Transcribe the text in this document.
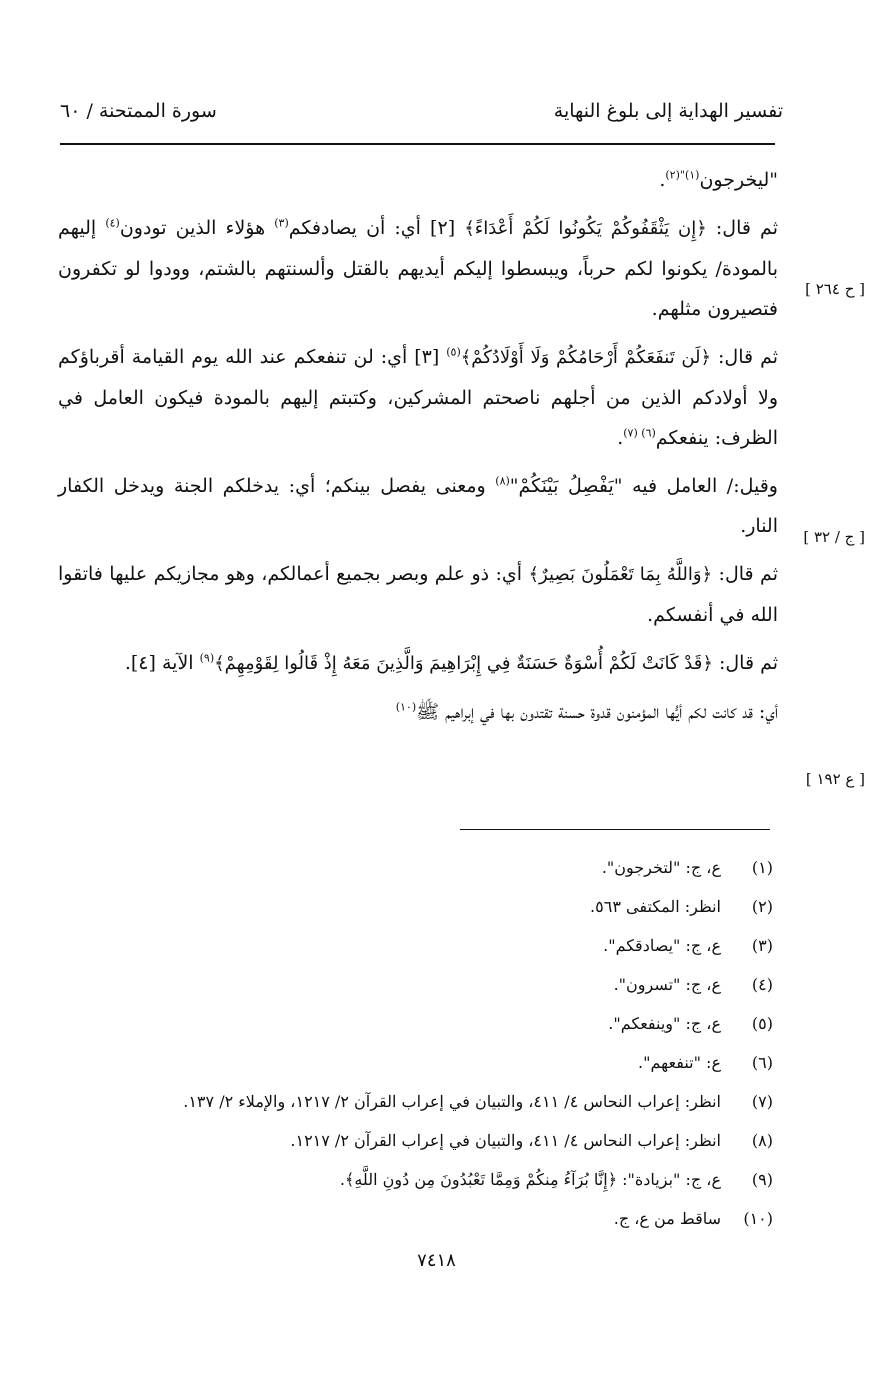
تفسير الهداية إلى بلوغ النهاية
سورة الممتحنة / ٦٠
[ ح ٢٦٤ ]
[ ج / ٣٢ ]
[ ع ١٩٢ ]

"ليخرجون$^{(١)"(٢)}$.

ثم قال: ﴿إِن يَثْقَفُوكُمْ يَكُونُوا لَكُمْ أَعْدَاءً﴾ [٢] أي: أن يصادفكم$^{(٣)}$ هؤلاء الذين تودون$^{(٤)}$ إليهم بالمودة/ يكونوا لكم حرباً، ويبسطوا إليكم أيديهم بالقتل وألسنتهم بالشتم، وودوا لو تكفرون فتصيرون مثلهم.

ثم قال: ﴿لَن تَنفَعَكُمْ أَرْحَامُكُمْ وَلَا أَوْلَادُكُمْ﴾$^{(٥)}$ [٣] أي: لن تنفعكم عند الله يوم القيامة أقرباؤكم ولا أولادكم الذين من أجلهم ناصحتم المشركين، وكتبتم إليهم بالمودة فيكون العامل في الظرف: ينفعكم$^{(٦) (٧)}$.

وقيل:/ العامل فيه "يَفْصِلُ بَيْنَكُمْ"$^{(٨)}$ ومعنى يفصل بينكم؛ أي: يدخلكم الجنة ويدخل الكفار النار.

ثم قال: ﴿وَاللَّهُ بِمَا تَعْمَلُونَ بَصِيرٌ﴾ أي: ذو علم وبصر بجميع أعمالكم، وهو مجازيكم عليها فاتقوا الله في أنفسكم.

ثم قال: ﴿قَدْ كَانَتْ لَكُمْ أُسْوَةٌ حَسَنَةٌ فِي إِبْرَاهِيمَ وَالَّذِينَ مَعَهُ إِذْ قَالُوا لِقَوْمِهِمْ﴾$^{(٩)}$ الآية [٤].

أي: قد كانت لكم أيُّها المؤمنون قدوة حسنة تقتدون بها في إبراهيم ﷺ$^{(١٠)}$

(١)
ع، ج: "لتخرجون".
(٢)
انظر: المكتفى ٥٦٣.
(٣)
ع، ج: "يصادقكم".
(٤)
ع، ج: "تسرون".
(٥)
ع، ج: "وينفعكم".
(٦)
ع: "تنفعهم".
(٧)
انظر: إعراب النحاس ٤/ ٤١١، والتبيان في إعراب القرآن ٢/ ١٢١٧، والإملاء ٢/ ١٣٧.
(٨)
انظر: إعراب النحاس ٤/ ٤١١، والتبيان في إعراب القرآن ٢/ ١٢١٧.
(٩)
ع، ج: "بزيادة": ﴿إِنَّا بُرَآءُ مِنكُمْ وَمِمَّا تَعْبُدُونَ مِن دُونِ اللَّهِ﴾.
(١٠)
ساقط من ع، ج.
٧٤١٨
